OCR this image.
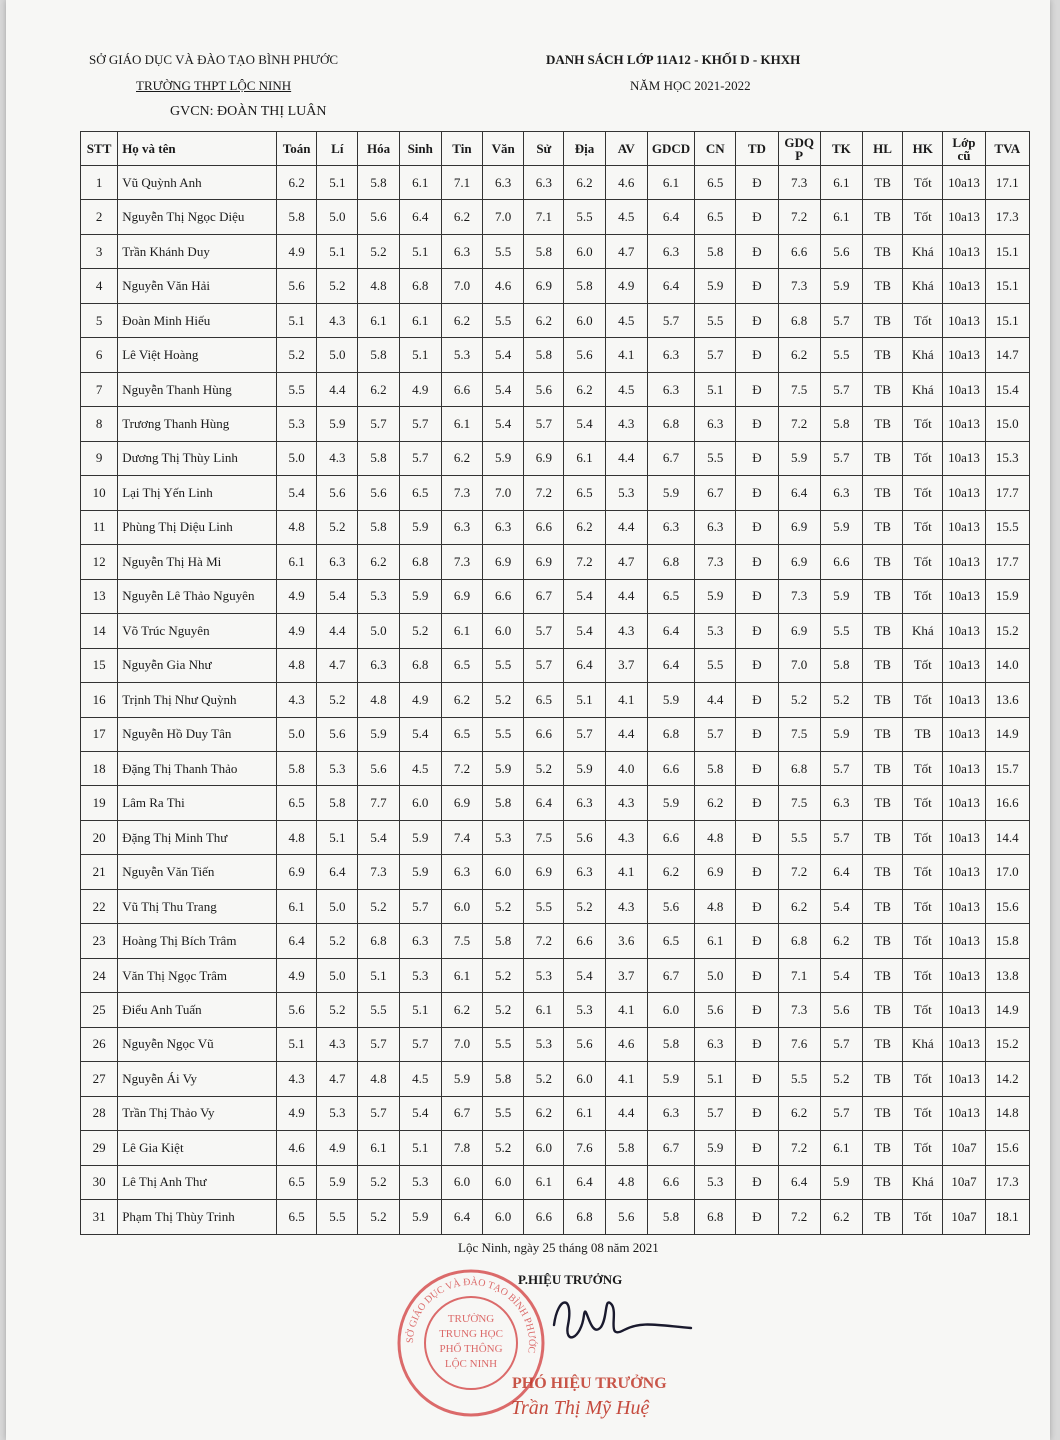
SỞ GIÁO DỤC VÀ ĐÀO TẠO BÌNH PHƯỚC
TRƯỜNG THPT LỘC NINH
GVCN: ĐOÀN THỊ LUÂN
DANH SÁCH LỚP 11A12 - KHỐI D - KHXH
NĂM HỌC 2021-2022
STT	Họ và tên	Toán	Lí	Hóa	Sinh	Tin	Văn	Sử	Địa	AV	GDCD	CN	TD	GDQ P	TK	HL	HK	Lớp cũ	TVA
1	Vũ Quỳnh Anh	6.2	5.1	5.8	6.1	7.1	6.3	6.3	6.2	4.6	6.1	6.5	Đ	7.3	6.1	TB	Tốt	10a13	17.1
2	Nguyễn Thị Ngọc Diệu	5.8	5.0	5.6	6.4	6.2	7.0	7.1	5.5	4.5	6.4	6.5	Đ	7.2	6.1	TB	Tốt	10a13	17.3
3	Trần Khánh Duy	4.9	5.1	5.2	5.1	6.3	5.5	5.8	6.0	4.7	6.3	5.8	Đ	6.6	5.6	TB	Khá	10a13	15.1
4	Nguyễn Văn Hải	5.6	5.2	4.8	6.8	7.0	4.6	6.9	5.8	4.9	6.4	5.9	Đ	7.3	5.9	TB	Khá	10a13	15.1
5	Đoàn Minh Hiếu	5.1	4.3	6.1	6.1	6.2	5.5	6.2	6.0	4.5	5.7	5.5	Đ	6.8	5.7	TB	Tốt	10a13	15.1
6	Lê Việt Hoàng	5.2	5.0	5.8	5.1	5.3	5.4	5.8	5.6	4.1	6.3	5.7	Đ	6.2	5.5	TB	Khá	10a13	14.7
7	Nguyễn Thanh Hùng	5.5	4.4	6.2	4.9	6.6	5.4	5.6	6.2	4.5	6.3	5.1	Đ	7.5	5.7	TB	Khá	10a13	15.4
8	Trương Thanh Hùng	5.3	5.9	5.7	5.7	6.1	5.4	5.7	5.4	4.3	6.8	6.3	Đ	7.2	5.8	TB	Tốt	10a13	15.0
9	Dương Thị Thùy Linh	5.0	4.3	5.8	5.7	6.2	5.9	6.9	6.1	4.4	6.7	5.5	Đ	5.9	5.7	TB	Tốt	10a13	15.3
10	Lại Thị Yến Linh	5.4	5.6	5.6	6.5	7.3	7.0	7.2	6.5	5.3	5.9	6.7	Đ	6.4	6.3	TB	Tốt	10a13	17.7
11	Phùng Thị Diệu Linh	4.8	5.2	5.8	5.9	6.3	6.3	6.6	6.2	4.4	6.3	6.3	Đ	6.9	5.9	TB	Tốt	10a13	15.5
12	Nguyễn Thị Hà Mi	6.1	6.3	6.2	6.8	7.3	6.9	6.9	7.2	4.7	6.8	7.3	Đ	6.9	6.6	TB	Tốt	10a13	17.7
13	Nguyễn Lê Thảo Nguyên	4.9	5.4	5.3	5.9	6.9	6.6	6.7	5.4	4.4	6.5	5.9	Đ	7.3	5.9	TB	Tốt	10a13	15.9
14	Võ Trúc Nguyên	4.9	4.4	5.0	5.2	6.1	6.0	5.7	5.4	4.3	6.4	5.3	Đ	6.9	5.5	TB	Khá	10a13	15.2
15	Nguyễn Gia Như	4.8	4.7	6.3	6.8	6.5	5.5	5.7	6.4	3.7	6.4	5.5	Đ	7.0	5.8	TB	Tốt	10a13	14.0
16	Trịnh Thị Như Quỳnh	4.3	5.2	4.8	4.9	6.2	5.2	6.5	5.1	4.1	5.9	4.4	Đ	5.2	5.2	TB	Tốt	10a13	13.6
17	Nguyễn Hồ Duy Tân	5.0	5.6	5.9	5.4	6.5	5.5	6.6	5.7	4.4	6.8	5.7	Đ	7.5	5.9	TB	TB	10a13	14.9
18	Đặng Thị Thanh Thảo	5.8	5.3	5.6	4.5	7.2	5.9	5.2	5.9	4.0	6.6	5.8	Đ	6.8	5.7	TB	Tốt	10a13	15.7
19	Lâm Ra Thi	6.5	5.8	7.7	6.0	6.9	5.8	6.4	6.3	4.3	5.9	6.2	Đ	7.5	6.3	TB	Tốt	10a13	16.6
20	Đặng Thị Minh Thư	4.8	5.1	5.4	5.9	7.4	5.3	7.5	5.6	4.3	6.6	4.8	Đ	5.5	5.7	TB	Tốt	10a13	14.4
21	Nguyễn Văn Tiến	6.9	6.4	7.3	5.9	6.3	6.0	6.9	6.3	4.1	6.2	6.9	Đ	7.2	6.4	TB	Tốt	10a13	17.0
22	Vũ Thị Thu Trang	6.1	5.0	5.2	5.7	6.0	5.2	5.5	5.2	4.3	5.6	4.8	Đ	6.2	5.4	TB	Tốt	10a13	15.6
23	Hoàng Thị Bích Trâm	6.4	5.2	6.8	6.3	7.5	5.8	7.2	6.6	3.6	6.5	6.1	Đ	6.8	6.2	TB	Tốt	10a13	15.8
24	Văn Thị Ngọc Trâm	4.9	5.0	5.1	5.3	6.1	5.2	5.3	5.4	3.7	6.7	5.0	Đ	7.1	5.4	TB	Tốt	10a13	13.8
25	Điểu Anh Tuấn	5.6	5.2	5.5	5.1	6.2	5.2	6.1	5.3	4.1	6.0	5.6	Đ	7.3	5.6	TB	Tốt	10a13	14.9
26	Nguyễn Ngọc Vũ	5.1	4.3	5.7	5.7	7.0	5.5	5.3	5.6	4.6	5.8	6.3	Đ	7.6	5.7	TB	Khá	10a13	15.2
27	Nguyễn Ái Vy	4.3	4.7	4.8	4.5	5.9	5.8	5.2	6.0	4.1	5.9	5.1	Đ	5.5	5.2	TB	Tốt	10a13	14.2
28	Trần Thị Thảo Vy	4.9	5.3	5.7	5.4	6.7	5.5	6.2	6.1	4.4	6.3	5.7	Đ	6.2	5.7	TB	Tốt	10a13	14.8
29	Lê Gia Kiệt	4.6	4.9	6.1	5.1	7.8	5.2	6.0	7.6	5.8	6.7	5.9	Đ	7.2	6.1	TB	Tốt	10a7	15.6
30	Lê Thị Anh Thư	6.5	5.9	5.2	5.3	6.0	6.0	6.1	6.4	4.8	6.6	5.3	Đ	6.4	5.9	TB	Khá	10a7	17.3
31	Phạm Thị Thùy Trinh	6.5	5.5	5.2	5.9	6.4	6.0	6.6	6.8	5.6	5.8	6.8	Đ	7.2	6.2	TB	Tốt	10a7	18.1
Lộc Ninh, ngày 25 tháng 08 năm 2021
SỞ GIÁO DỤC VÀ ĐÀO TẠO BÌNH PHƯỚC
TRƯỜNG
TRUNG HỌC
PHỔ THÔNG
LỘC NINH
P.HIỆU TRƯỞNG
PHÓ HIỆU TRƯỞNG
Trần Thị Mỹ Huệ
